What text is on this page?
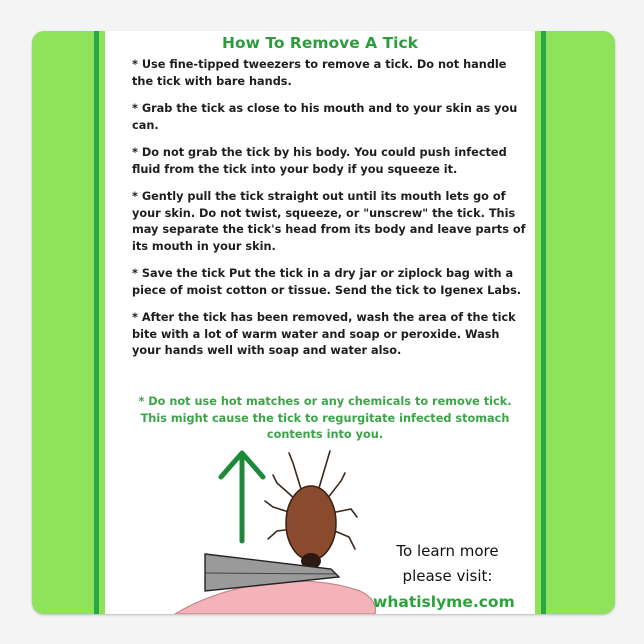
How To Remove A Tick

* Use fine-tipped tweezers to remove a tick. Do not handle the tick with bare hands.

* Grab the tick as close to his mouth and to your skin as you can.

* Do not grab the tick by his body. You could push infected fluid from the tick into your body if you squeeze it.

* Gently pull the tick straight out until its mouth lets go of your skin. Do not twist, squeeze, or "unscrew" the tick. This may separate the tick's head from its body and leave parts of its mouth in your skin.

* Save the tick Put the tick in a dry jar or ziplock bag with a piece of moist cotton or tissue. Send the tick to Igenex Labs.

* After the tick has been removed, wash the area of the tick bite with a lot of warm water and soap or peroxide. Wash your hands well with soap and water also.

* Do not use hot matches or any chemicals to remove tick. This might cause the tick to regurgitate infected stomach contents into you.
To learn more
please visit:
whatislyme.com
